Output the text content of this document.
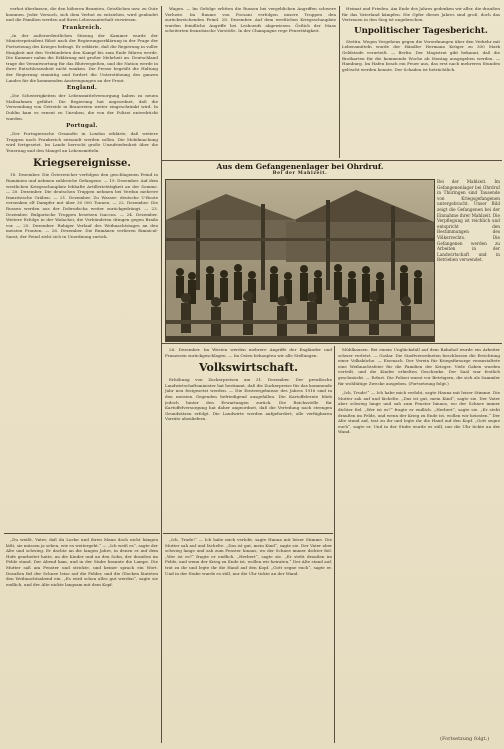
verbot überlassen, die den höheren Beamten, Geistlichen usw. zu Gute kommen. Jeder Versuch, sich dem Verbot zu entziehen, wird geahndet und die Familien werden auf ihren Lebensunterhalt verwiesen.

Frankreich.

„In der außerordentlichen Sitzung der Kammer wurde der Ministerpräsident Ribot nach der Regierungserklärung in der Frage der Fortsetzung des Krieges befragt. Er erklärte, daß die Regierung in voller Einigkeit mit den Verbündeten den Kampf bis zum Ende führen werde. Die Kammer nahm die Erklärung mit großer Mehrheit an. Deutschland trage die Verantwortung für das Blutvergießen, und die Nation werde in ihrer Entschlossenheit nicht wanken. Die Presse begrüßt die Haltung der Regierung einmütig und fordert die Unterstützung des ganzen Landes für die kommenden Anstrengungen an der Front.

England.

„Die Schwierigkeiten der Lebensmittelversorgung haben zu neuen Maßnahmen geführt. Die Regierung hat angeordnet, daß die Verwendung von Getreide in Brauereien weiter eingeschränkt wird. In Dublin kam es erneut zu Unruhen, die von der Polizei unterdrückt wurden.

Portugal.

„Der Portugiesische Gesandte in London erklärte, daß weitere Truppen nach Frankreich entsandt werden sollen. Die Mobilmachung wird fortgesetzt. Im Lande herrscht große Unzufriedenheit über die Teuerung und den Mangel an Lebensmitteln.

Kriegsereignisse.

18. Dezember. Die Österreicher verfolgen den geschlagenen Feind in Rumänien und nehmen zahlreiche Gefangene. — 19. Dezember. Auf dem westlichen Kriegsschauplatz lebhafte Artillerietätigkeit an der Somme. — 20. Dezember. Die deutschen Truppen nehmen bei Verdun mehrere französische Gräben. — 21. Dezember. Zu Wasser: deutsche U-Boote versenken elf Dampfer mit über 30 000 Tonnen. — 22. Dezember. Die Russen werden aus der Dobrudscha weiter zurückgedrängt. — 23. Dezember. Bulgarische Truppen besetzen Isaccea. — 24. Dezember. Weitere Erfolge in der Walachei; die Verbündeten dringen gegen Braila vor. — 25. Dezember. Ruhiger Verlauf des Weihnachtstages an den meisten Fronten. — 26. Dezember. Die Rumänen verlieren Rimnicul-Sarat; der Feind zieht sich in Unordnung zurück.

„Du weißt, Vater, daß du Lucke und ihren Mann doch nicht hängen läßt, sie müssen ja sehen, wie es weitergeht.“ — „Ich weiß es“, sagte der Alte und schwieg. Er dachte an die langen Jahre, in denen er auf dem Hofe gearbeitet hatte, an die Kinder und an den Sohn, der draußen im Felde stand. Der Abend kam, und in der Stube brannte die Lampe. Die Mutter saß am Fenster und strickte, und keiner sprach ein Wort. Draußen fiel der Schnee leise auf die Felder, und die Glocken läuteten den Weihnachtsabend ein. „Es wird schon alles gut werden“, sagte sie endlich, und der Alte nickte langsam mit dem Kopf.

Wagen. — Im Gefolge erlitten die Russen bei vergeblichen Angriffen schwere Verluste. Im Raume von Focsani verfolgen unsere Truppen den zurückweichenden Feind. 28. Dezember. Auf dem westlichen Kriegsschauplatz wurden feindliche Angriffe bei Lesboeufs abgewiesen. Östlich der Maas scheiterten französische Vorstöße. In der Champagne rege Feuertätigkeit.

Heimat und Frieden. Am Ende des Jahres gedenken wir aller, die draußen für das Vaterland kämpfen. Die Opfer dieses Jahres sind groß, doch das Vertrauen in den Sieg ist ungebrochen.

Unpolitischer Tagesbericht.

Stettin. Wegen Vergehens gegen die Verordnungen über den Verkehr mit Lebensmitteln wurde der Händler Hermann Krüger zu 300 Mark Geldstrafe verurteilt. — Berlin. Der Magistrat gibt bekannt, daß die Brotkarten für die kommende Woche ab Montag ausgegeben werden. — Hamburg. Im Hafen brach ein Feuer aus, das erst nach mehreren Stunden gelöscht werden konnte. Der Schaden ist beträchtlich.

Aus dem Gefangenenlager bei Ohrdruf.
Bei der Mahlzeit.

Bei der Mahlzeit. Im Gefangenenlager bei Ohrdruf in Thüringen sind Tausende von Kriegsgefangenen untergebracht. Unser Bild zeigt die Gefangenen bei der Einnahme ihrer Mahlzeit. Die Verpflegung ist reichlich und entspricht den Bestimmungen des Völkerrechts. Die Gefangenen werden zu Arbeiten in der Landwirtschaft und in Betrieben verwendet.

26. Dezember. Im Westen werden mehrere Angriffe der Engländer und Franzosen zurückgeschlagen. — Im Osten behaupten wir alle Stellungen.

Volkswirtschaft.

Erhöhung von Zuckerpreisen am 31. Dezember. Der preußische Landwirtschaftsminister hat bestimmt, daß die Zuckerpreise für das kommende Jahr neu festgesetzt werden. — Die Ernteergebnisse des Jahres 1916 sind in den meisten Gegenden befriedigend ausgefallen. Die Kartoffelernte blieb jedoch hinter den Erwartungen zurück. Die Reichsstelle für Kartoffelversorgung hat daher angeordnet, daß die Verteilung nach strengen Grundsätzen erfolgt. Die Landwirte werden aufgefordert, alle verfügbaren Vorräte abzuliefern.

Mühlhausen. Bei einem Unglücksfall auf dem Bahnhof wurde ein Arbeiter schwer verletzt. — Goslar. Die Stadtverordneten beschlossen die Errichtung einer Volksküche. — Eisenach. Der Verein für Kriegsfürsorge veranstaltete eine Weihnachtsfeier für die Familien der Krieger. Viele Gaben wurden verteilt, und die Kinder erhielten Geschenke. Der Saal war festlich geschmückt. — Erfurt. Die Polizei warnt vor Betrügern, die sich als Sammler für wohltätige Zwecke ausgeben. (Fortsetzung folgt.)

„Ich, Trude!“ — Ich habe mich verlobt, sagte Hanna mit leiser Stimme. Die Mutter sah auf und lächelte. „Das ist gut, mein Kind“, sagte sie. Der Vater aber schwieg lange und sah zum Fenster hinaus, wo der Schnee immer dichter fiel. „Wer ist es?“ fragte er endlich. „Herbert“, sagte sie. „Er steht draußen im Felde, und wenn der Krieg zu Ende ist, wollen wir heiraten.“ Der Alte stand auf, trat zu ihr und legte ihr die Hand auf den Kopf. „Gott segne euch“, sagte er. Und in der Stube wurde es still, nur die Uhr tickte an der Wand.

„Ich, Trude!“ — Ich habe mich verlobt, sagte Hanna mit leiser Stimme. Die Mutter sah auf und lächelte. „Das ist gut, mein Kind“, sagte sie. Der Vater aber schwieg lange und sah zum Fenster hinaus, wo der Schnee immer dichter fiel. „Wer ist es?“ fragte er endlich. „Herbert“, sagte sie. „Er steht draußen im Felde, und wenn der Krieg zu Ende ist, wollen wir heiraten.“ Der Alte stand auf, trat zu ihr und legte ihr die Hand auf den Kopf. „Gott segne euch“, sagte er. Und in der Stube wurde es still, nur die Uhr tickte an der Wand.

(Fortsetzung folgt.)
